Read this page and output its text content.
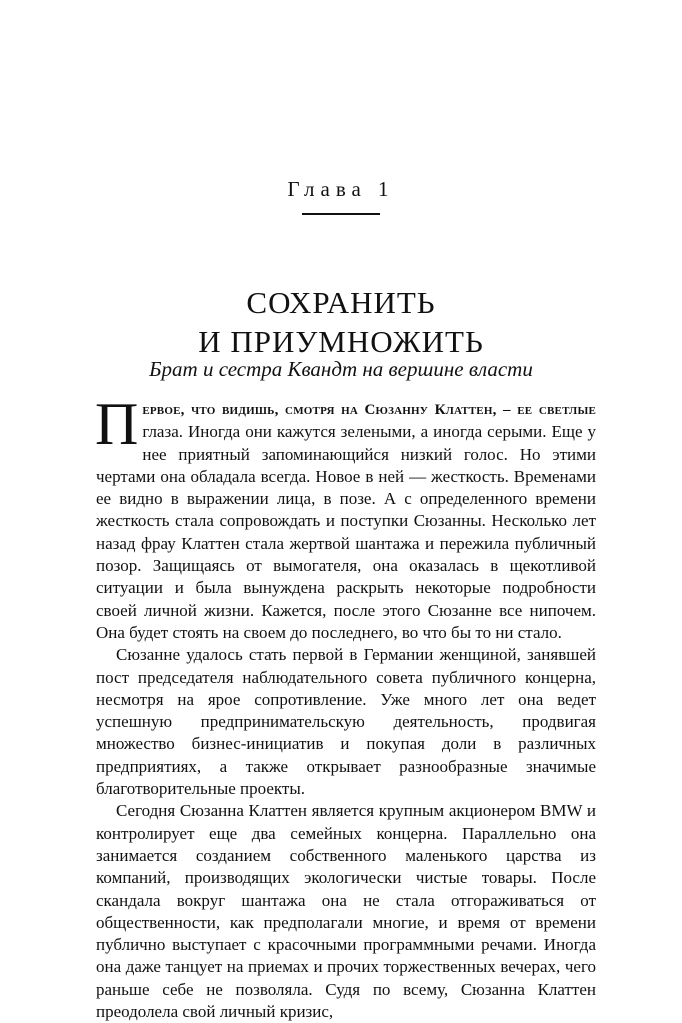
Глава 1
СОХРАНИТЬ
И ПРИУМНОЖИТЬ
Брат и сестра Квандт на вершине власти

Первое, что видишь, смотря на Сюзанну Клаттен, – ее светлые глаза. Иногда они кажутся зелеными, а иногда серыми. Еще у нее приятный запоминающийся низкий голос. Но этими чертами она обладала всегда. Новое в ней — жесткость. Временами ее видно в выражении лица, в позе. А с определенного времени жесткость стала сопровождать и поступки Сюзанны. Несколько лет назад фрау Клаттен стала жертвой шантажа и пережила публичный позор. Защищаясь от вымогателя, она оказалась в щекотливой ситуации и была вынуждена раскрыть некоторые подробности своей личной жизни. Кажется, после этого Сюзанне все нипочем. Она будет стоять на своем до последнего, во что бы то ни стало.

Сюзанне удалось стать первой в Германии женщиной, занявшей пост председателя наблюдательного совета публичного концерна, несмотря на ярое сопротивление. Уже много лет она ведет успешную предпринимательскую деятельность, продвигая множество бизнес-инициатив и покупая доли в различных предприятиях, а также открывает разнообразные значимые благотворительные проекты.

Сегодня Сюзанна Клаттен является крупным акционером BMW и контролирует еще два семейных концерна. Параллельно она занимается созданием собственного маленького царства из компаний, производящих экологически чистые товары. После скандала вокруг шантажа она не стала отгораживаться от общественности, как предполагали многие, и время от времени публично выступает с красочными программными речами. Иногда она даже танцует на приемах и прочих торжественных вечерах, чего раньше себе не позволяла. Судя по всему, Сюзанна Клаттен преодолела свой личный кризис,
